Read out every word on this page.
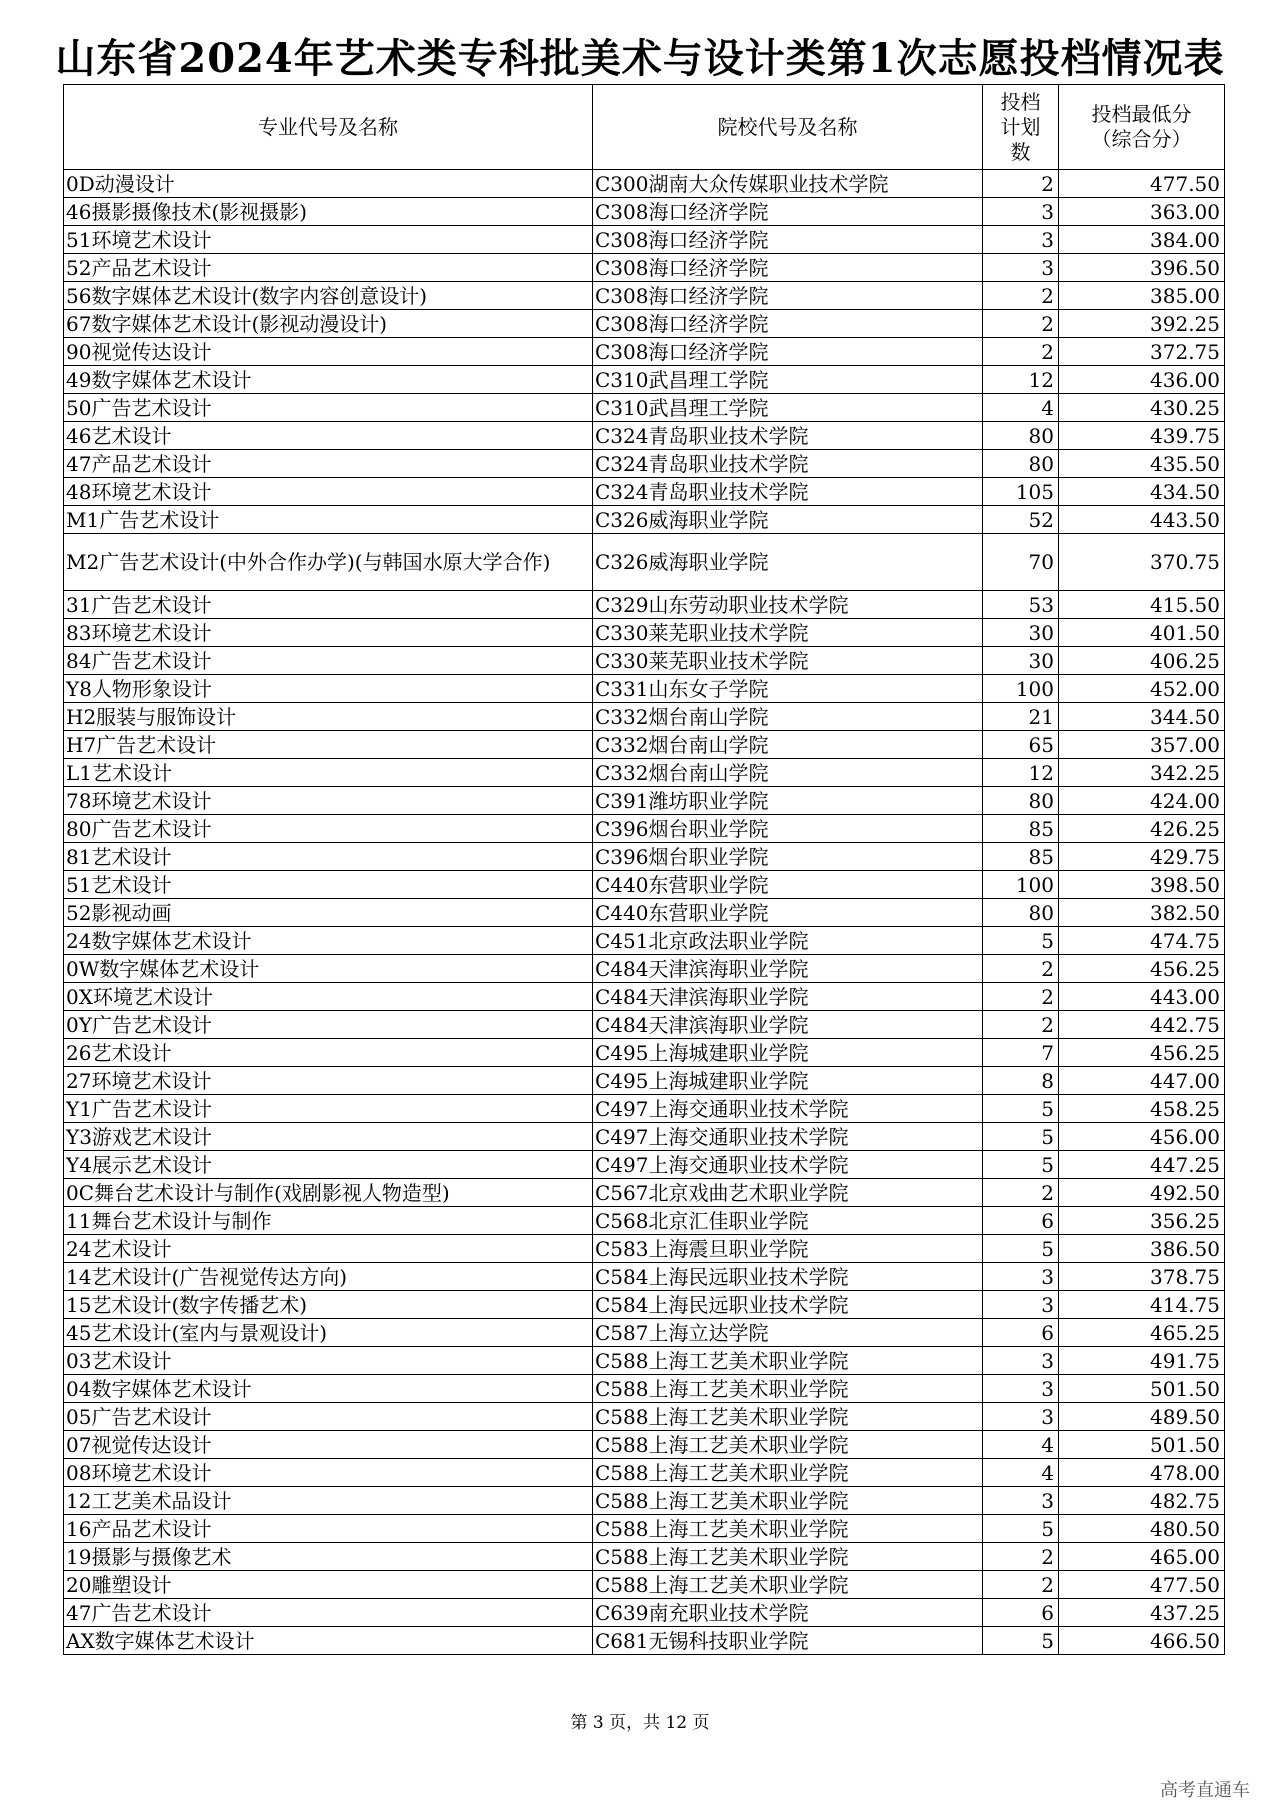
山东省2024年艺术类专科批美术与设计类第1次志愿投档情况表
专业代号及名称	院校代号及名称	投档
计划
数	投档最低分
（综合分）
0D动漫设计	C300湖南大众传媒职业技术学院	2	477.50
46摄影摄像技术(影视摄影)	C308海口经济学院	3	363.00
51环境艺术设计	C308海口经济学院	3	384.00
52产品艺术设计	C308海口经济学院	3	396.50
56数字媒体艺术设计(数字内容创意设计)	C308海口经济学院	2	385.00
67数字媒体艺术设计(影视动漫设计)	C308海口经济学院	2	392.25
90视觉传达设计	C308海口经济学院	2	372.75
49数字媒体艺术设计	C310武昌理工学院	12	436.00
50广告艺术设计	C310武昌理工学院	4	430.25
46艺术设计	C324青岛职业技术学院	80	439.75
47产品艺术设计	C324青岛职业技术学院	80	435.50
48环境艺术设计	C324青岛职业技术学院	105	434.50
M1广告艺术设计	C326威海职业学院	52	443.50
M2广告艺术设计(中外合作办学)(与韩国水原大学合作)	C326威海职业学院	70	370.75
31广告艺术设计	C329山东劳动职业技术学院	53	415.50
83环境艺术设计	C330莱芜职业技术学院	30	401.50
84广告艺术设计	C330莱芜职业技术学院	30	406.25
Y8人物形象设计	C331山东女子学院	100	452.00
H2服装与服饰设计	C332烟台南山学院	21	344.50
H7广告艺术设计	C332烟台南山学院	65	357.00
L1艺术设计	C332烟台南山学院	12	342.25
78环境艺术设计	C391潍坊职业学院	80	424.00
80广告艺术设计	C396烟台职业学院	85	426.25
81艺术设计	C396烟台职业学院	85	429.75
51艺术设计	C440东营职业学院	100	398.50
52影视动画	C440东营职业学院	80	382.50
24数字媒体艺术设计	C451北京政法职业学院	5	474.75
0W数字媒体艺术设计	C484天津滨海职业学院	2	456.25
0X环境艺术设计	C484天津滨海职业学院	2	443.00
0Y广告艺术设计	C484天津滨海职业学院	2	442.75
26艺术设计	C495上海城建职业学院	7	456.25
27环境艺术设计	C495上海城建职业学院	8	447.00
Y1广告艺术设计	C497上海交通职业技术学院	5	458.25
Y3游戏艺术设计	C497上海交通职业技术学院	5	456.00
Y4展示艺术设计	C497上海交通职业技术学院	5	447.25
0C舞台艺术设计与制作(戏剧影视人物造型)	C567北京戏曲艺术职业学院	2	492.50
11舞台艺术设计与制作	C568北京汇佳职业学院	6	356.25
24艺术设计	C583上海震旦职业学院	5	386.50
14艺术设计(广告视觉传达方向)	C584上海民远职业技术学院	3	378.75
15艺术设计(数字传播艺术)	C584上海民远职业技术学院	3	414.75
45艺术设计(室内与景观设计)	C587上海立达学院	6	465.25
03艺术设计	C588上海工艺美术职业学院	3	491.75
04数字媒体艺术设计	C588上海工艺美术职业学院	3	501.50
05广告艺术设计	C588上海工艺美术职业学院	3	489.50
07视觉传达设计	C588上海工艺美术职业学院	4	501.50
08环境艺术设计	C588上海工艺美术职业学院	4	478.00
12工艺美术品设计	C588上海工艺美术职业学院	3	482.75
16产品艺术设计	C588上海工艺美术职业学院	5	480.50
19摄影与摄像艺术	C588上海工艺美术职业学院	2	465.00
20雕塑设计	C588上海工艺美术职业学院	2	477.50
47广告艺术设计	C639南充职业技术学院	6	437.25
AX数字媒体艺术设计	C681无锡科技职业学院	5	466.50
第 3 页，共 12 页
高考直通车
